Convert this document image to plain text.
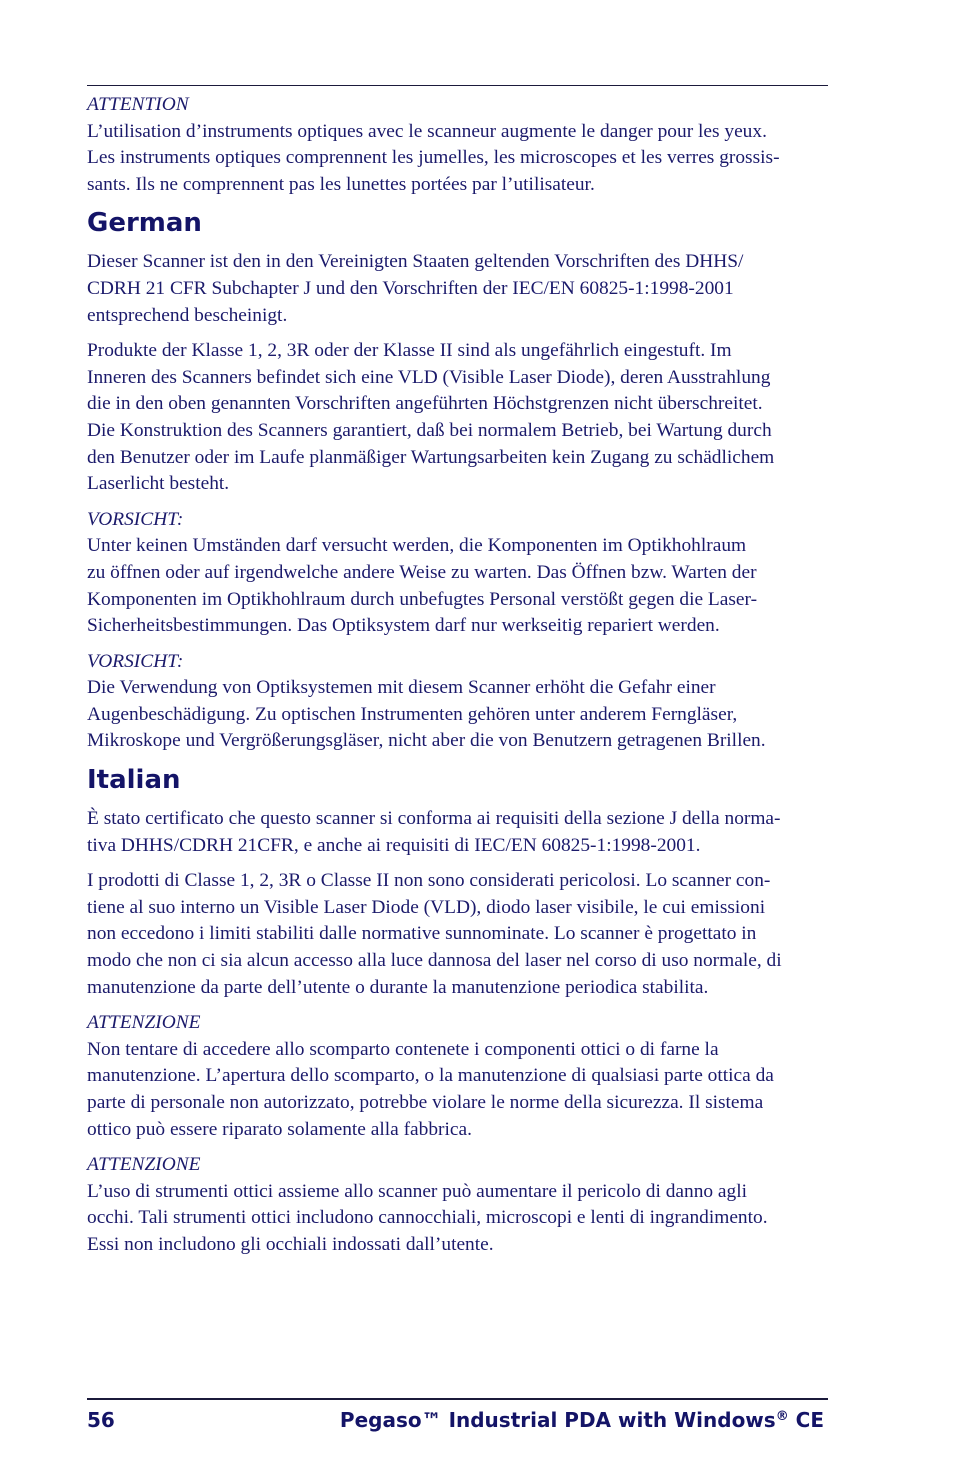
ATTENTION

L’utilisation d’instruments optiques avec le scanneur augmente le danger pour les yeux.

Les instruments optiques comprennent les jumelles, les microscopes et les verres grossis-

sants. Ils ne comprennent pas les lunettes portées par l’utilisateur.

German

Dieser Scanner ist den in den Vereinigten Staaten geltenden Vorschriften des DHHS/

CDRH 21 CFR Subchapter J und den Vorschriften der IEC/EN 60825-1:1998-2001

entsprechend bescheinigt.

Produkte der Klasse 1, 2, 3R oder der Klasse II sind als ungefährlich eingestuft. Im

Inneren des Scanners befindet sich eine VLD (Visible Laser Diode), deren Ausstrahlung

die in den oben genannten Vorschriften angeführten Höchstgrenzen nicht überschreitet.

Die Konstruktion des Scanners garantiert, daß bei normalem Betrieb, bei Wartung durch

den Benutzer oder im Laufe planmäßiger Wartungsarbeiten kein Zugang zu schädlichem

Laserlicht besteht.

VORSICHT:

Unter keinen Umständen darf versucht werden, die Komponenten im Optikhohlraum

zu öffnen oder auf irgendwelche andere Weise zu warten. Das Öffnen bzw. Warten der

Komponenten im Optikhohlraum durch unbefugtes Personal verstößt gegen die Laser-

Sicherheitsbestimmungen. Das Optiksystem darf nur werkseitig repariert werden.

VORSICHT:

Die Verwendung von Optiksystemen mit diesem Scanner erhöht die Gefahr einer

Augenbeschädigung. Zu optischen Instrumenten gehören unter anderem Ferngläser,

Mikroskope und Vergrößerungsgläser, nicht aber die von Benutzern getragenen Brillen.

Italian

È stato certificato che questo scanner si conforma ai requisiti della sezione J della norma-

tiva DHHS/CDRH 21CFR, e anche ai requisiti di IEC/EN 60825-1:1998-2001.

I prodotti di Classe 1, 2, 3R o Classe II non sono considerati pericolosi. Lo scanner con-

tiene al suo interno un Visible Laser Diode (VLD), diodo laser visibile, le cui emissioni

non eccedono i limiti stabiliti dalle normative sunnominate. Lo scanner è progettato in

modo che non ci sia alcun accesso alla luce dannosa del laser nel corso di uso normale, di

manutenzione da parte dell’utente o durante la manutenzione periodica stabilita.

ATTENZIONE

Non tentare di accedere allo scomparto contenete i componenti ottici o di farne la

manutenzione. L’apertura dello scomparto, o la manutenzione di qualsiasi parte ottica da

parte di personale non autorizzato, potrebbe violare le norme della sicurezza. Il sistema

ottico può essere riparato solamente alla fabbrica.

ATTENZIONE

L’uso di strumenti ottici assieme allo scanner può aumentare il pericolo di danno agli

occhi. Tali strumenti ottici includono cannocchiali, microscopi e lenti di ingrandimento.

Essi non includono gli occhiali indossati dall’utente.

56	Pegaso™ Industrial PDA with Windows® CE
